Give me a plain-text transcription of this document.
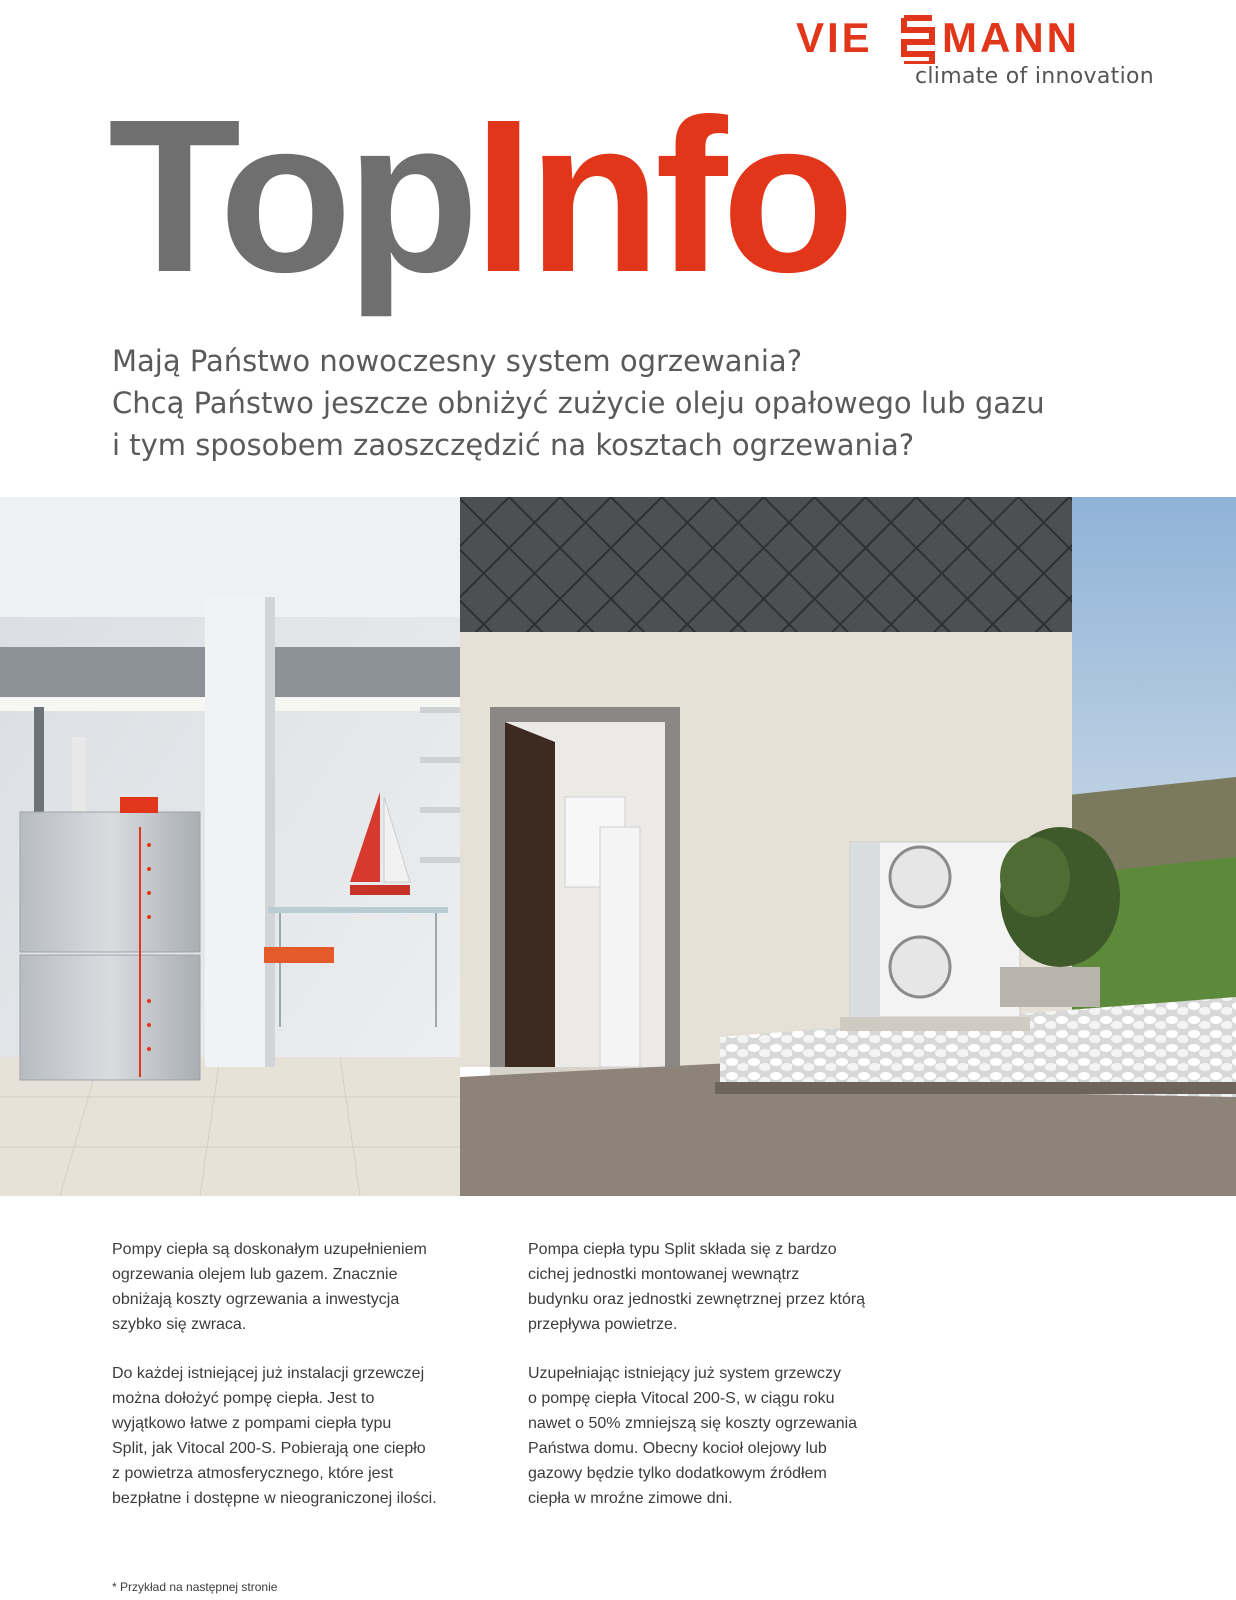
VIE MANN
climate of innovation
TopInfo
Mają Państwo nowoczesny system ogrzewania?
Chcą Państwo jeszcze obniżyć zużycie oleju opałowego lub gazu
i tym sposobem zaoszczędzić na kosztach ogrzewania?

Pompy ciepła są doskonałym uzupełnieniem
ogrzewania olejem lub gazem. Znacznie
obniżają koszty ogrzewania a inwestycja
szybko się zwraca.

Do każdej istniejącej już instalacji grzewczej
można dołożyć pompę ciepła. Jest to
wyjątkowo łatwe z pompami ciepła typu
Split, jak Vitocal 200-S. Pobierają one ciepło
z powietrza atmosferycznego, które jest
bezpłatne i dostępne w nieograniczonej ilości.

Pompa ciepła typu Split składa się z bardzo
cichej jednostki montowanej wewnątrz
budynku oraz jednostki zewnętrznej przez którą
przepływa powietrze.

Uzupełniając istniejący już system grzewczy
o pompę ciepła Vitocal 200-S, w ciągu roku
nawet o 50% zmniejszą się koszty ogrzewania
Państwa domu. Obecny kocioł olejowy lub
gazowy będzie tylko dodatkowym źródłem
ciepła w mroźne zimowe dni.

* Przykład na następnej stronie
